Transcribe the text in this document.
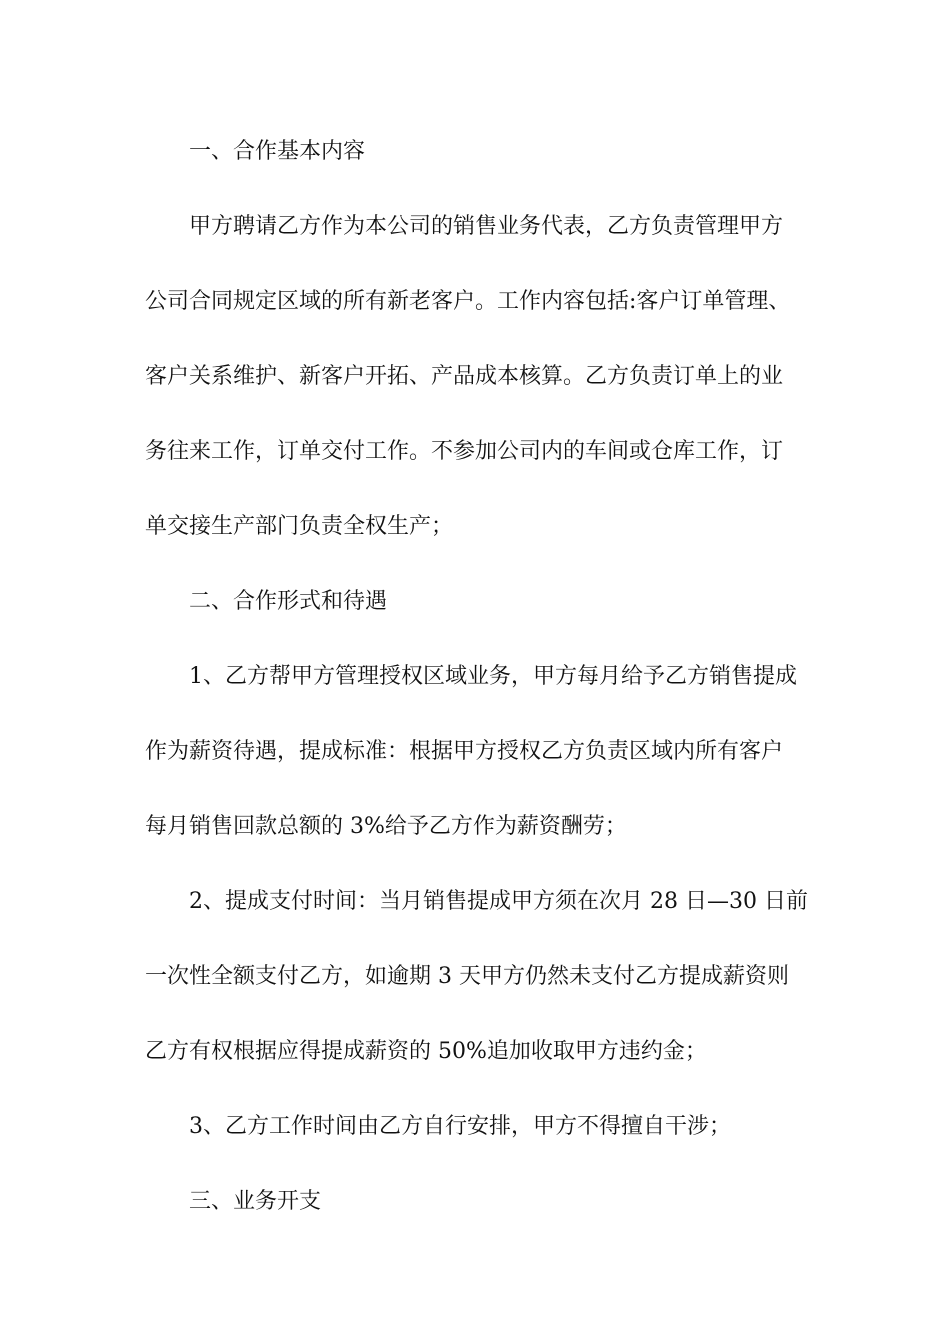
一、合作基本内容
甲方聘请乙方作为本公司的销售业务代表，乙方负责管理甲方
公司合同规定区域的所有新老客户。工作内容包括:客户订单管理、
客户关系维护、新客户开拓、产品成本核算。乙方负责订单上的业
务往来工作，订单交付工作。不参加公司内的车间或仓库工作，订
单交接生产部门负责全权生产；
二、合作形式和待遇
1、乙方帮甲方管理授权区域业务，甲方每月给予乙方销售提成
作为薪资待遇，提成标准：根据甲方授权乙方负责区域内所有客户
每月销售回款总额的 3%给予乙方作为薪资酬劳；
2、提成支付时间：当月销售提成甲方须在次月 28 日—30 日前
一次性全额支付乙方，如逾期 3 天甲方仍然未支付乙方提成薪资则
乙方有权根据应得提成薪资的 50%追加收取甲方违约金；
3、乙方工作时间由乙方自行安排，甲方不得擅自干涉；
三、业务开支
